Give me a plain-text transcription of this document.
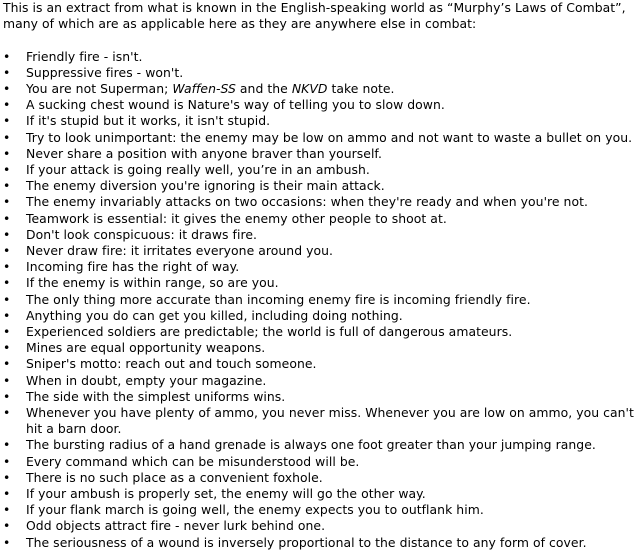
This is an extract from what is known in the English-speaking world as “Murphy’s Laws of Combat”, many of which are as applicable here as they are anywhere else in combat:

•
Friendly fire - isn't.
•
Suppressive fires - won't.
•
You are not Superman; Waffen-SS and the NKVD take note.
•
A sucking chest wound is Nature's way of telling you to slow down.
•
If it's stupid but it works, it isn't stupid.
•
Try to look unimportant: the enemy may be low on ammo and not want to waste a bullet on you.
•
Never share a position with anyone braver than yourself.
•
If your attack is going really well, you’re in an ambush.
•
The enemy diversion you're ignoring is their main attack.
•
The enemy invariably attacks on two occasions: when they're ready and when you're not.
•
Teamwork is essential: it gives the enemy other people to shoot at.
•
Don't look conspicuous: it draws fire.
•
Never draw fire: it irritates everyone around you.
•
Incoming fire has the right of way.
•
If the enemy is within range, so are you.
•
The only thing more accurate than incoming enemy fire is incoming friendly fire.
•
Anything you do can get you killed, including doing nothing.
•
Experienced soldiers are predictable; the world is full of dangerous amateurs.
•
Mines are equal opportunity weapons.
•
Sniper's motto: reach out and touch someone.
•
When in doubt, empty your magazine.
•
The side with the simplest uniforms wins.
•
Whenever you have plenty of ammo, you never miss. Whenever you are low on ammo, you can't hit a barn door.
•
The bursting radius of a hand grenade is always one foot greater than your jumping range.
•
Every command which can be misunderstood will be.
•
There is no such place as a convenient foxhole.
•
If your ambush is properly set, the enemy will go the other way.
•
If your flank march is going well, the enemy expects you to outflank him.
•
Odd objects attract fire - never lurk behind one.
•
The seriousness of a wound is inversely proportional to the distance to any form of cover.
